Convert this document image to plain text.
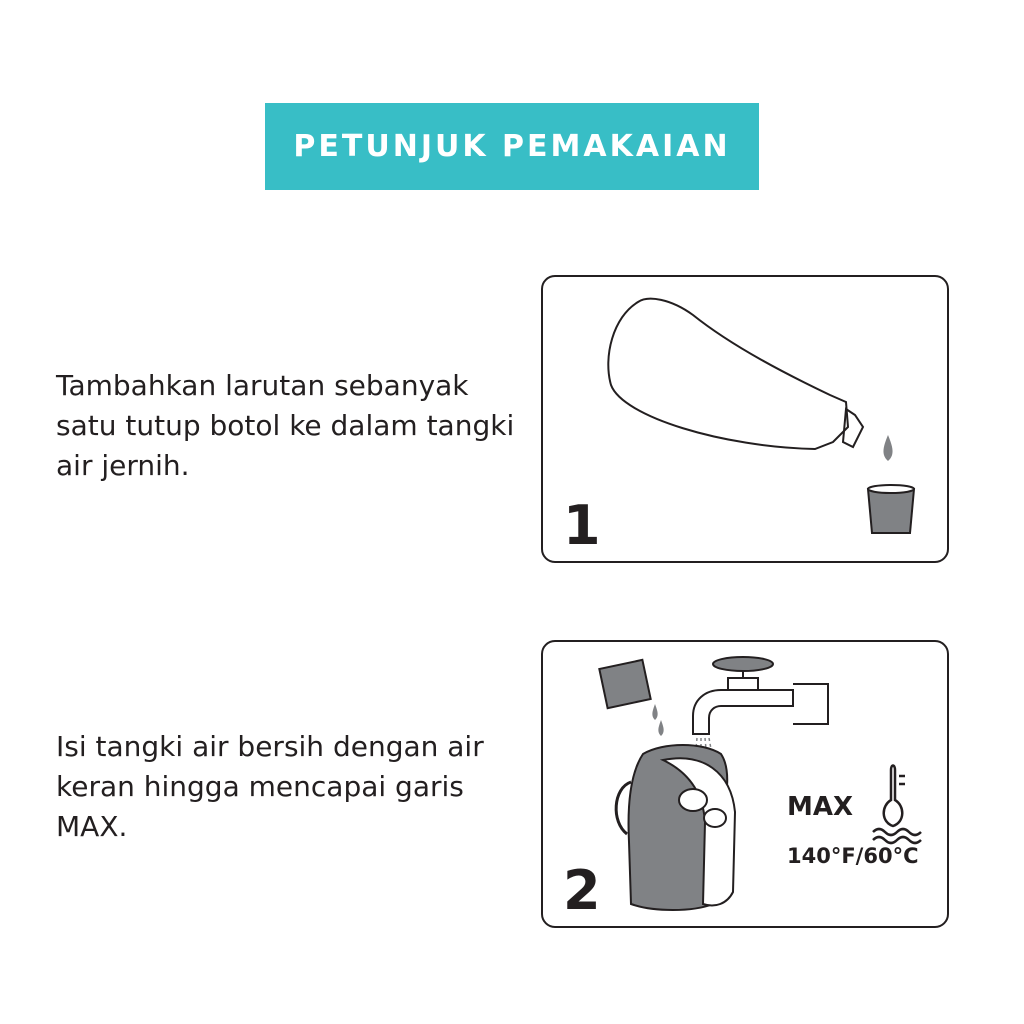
PETUNJUK PEMAKAIAN

Tambahkan larutan sebanyak satu tutup botol ke dalam tangki air jernih.

1

Isi tangki air bersih dengan air keran hingga mencapai garis MAX.

MAX
140°F/60°C
2
